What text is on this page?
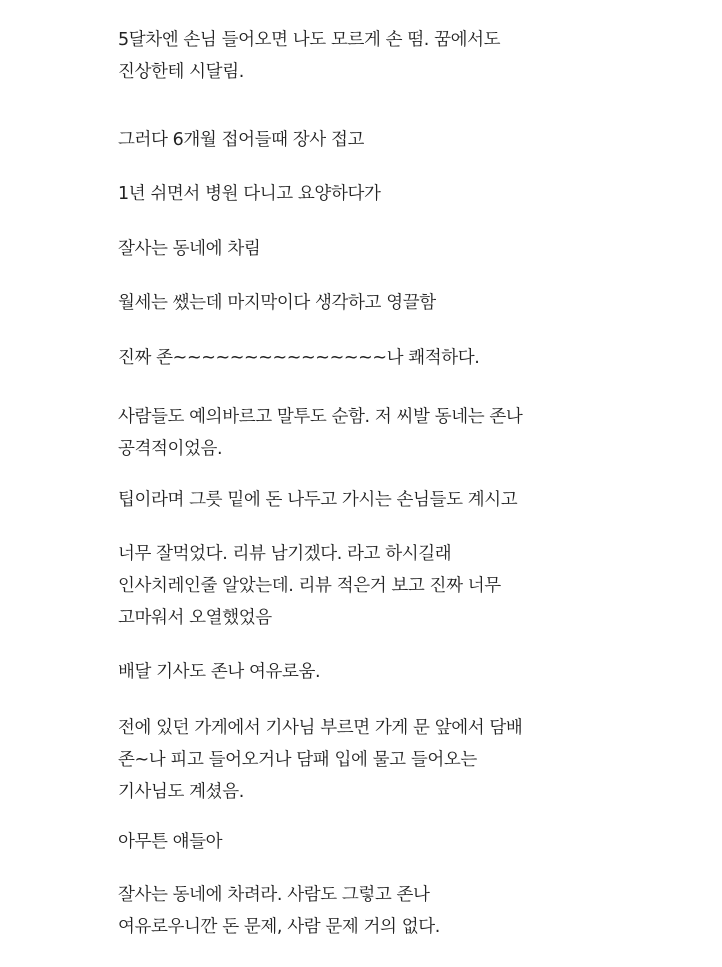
5달차엔 손님 들어오면 나도 모르게 손 떰. 꿈에서도
진상한테 시달림.

그러다 6개월 접어들때 장사 접고

1년 쉬면서 병원 다니고 요양하다가

잘사는 동네에 차림

월세는 쌨는데 마지막이다 생각하고 영끌함

진짜 존~~~~~~~~~~~~~~~나 쾌적하다.

사람들도 예의바르고 말투도 순함. 저 씨발 동네는 존나
공격적이었음.

팁이라며 그릇 밑에 돈 나두고 가시는 손님들도 계시고

너무 잘먹었다. 리뷰 남기겠다. 라고 하시길래
인사치레인줄 알았는데. 리뷰 적은거 보고 진짜 너무
고마워서 오열했었음

배달 기사도 존나 여유로움.

전에 있던 가게에서 기사님 부르면 가게 문 앞에서 담배
존~나 피고 들어오거나 담패 입에 물고 들어오는
기사님도 계셨음.

아무튼 얘들아

잘사는 동네에 차려라. 사람도 그렇고 존나
여유로우니깐 돈 문제, 사람 문제 거의 없다.
